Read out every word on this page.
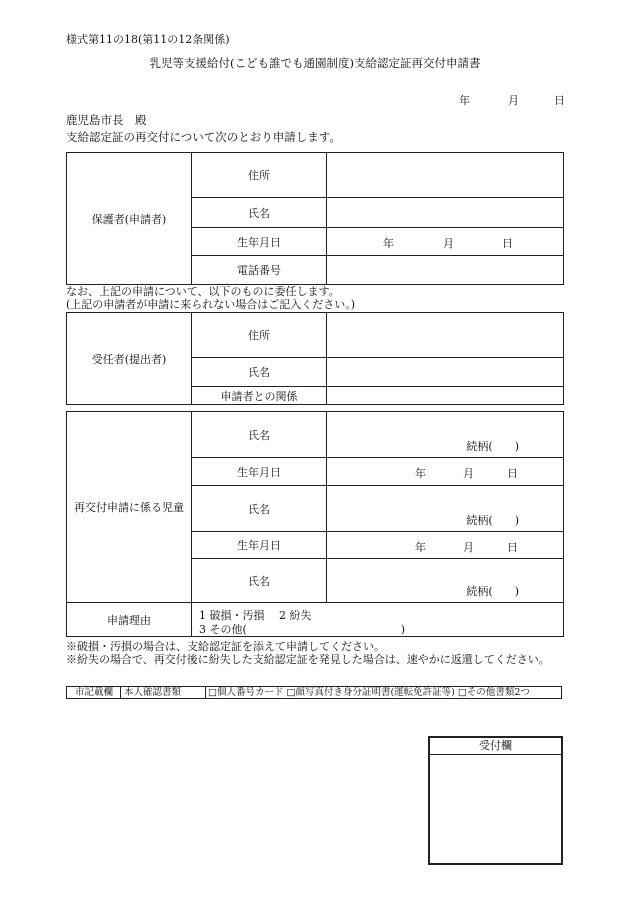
様式第11の18(第11の12条関係)
乳児等支援給付(こども誰でも通園制度)支給認定証再交付申請書
年	月	日
鹿児島市長　殿
支給認定証の再交付について次のとおり申請します。
保護者(申請者)	住所	
	氏名	
	生年月日	年 月 日

	電話番号	
なお、上記の申請について、以下のものに委任します。
(上記の申請者が申請に来られない場合はご記入ください。)
受任者(提出者)	住所	
	氏名	
	申請者との関係	
再交付申請に係る児童	氏名	続柄(　　)

	生年月日	年 月 日

	氏名	続柄(　　)

	生年月日	年 月 日

	氏名	続柄(　　)

申請理由	1 破損・汚損　 2 紛失
3 その他(　　　　　　　　　　　　　　)	
※破損・汚損の場合は、支給認定証を添えて申請してください。
※紛失の場合で、再交付後に紛失した支給認定証を発見した場合は、速やかに返還してください。
市記載欄 本人確認書類	□個人番号カード □顔写真付き身分証明書(運転免許証等) □その他書類2つ
受付欄
